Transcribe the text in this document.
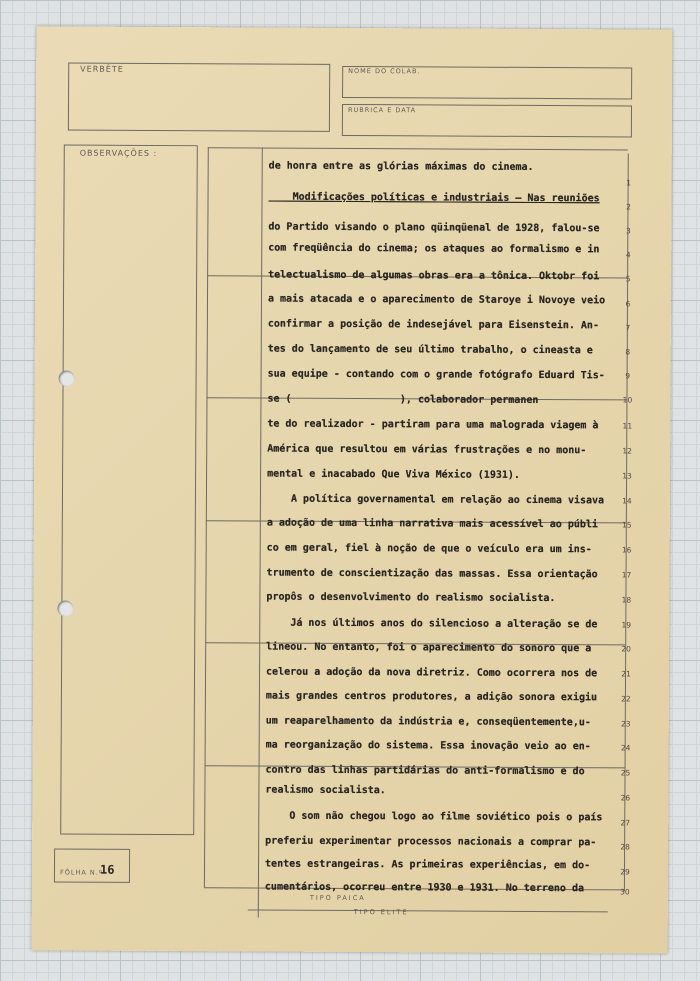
VERBÊTE	NOME DO COLAB.
RUBRICA E DATA
OBSERVAÇÕES :
FÔLHA N.º
16
TIPO PAICA
TIPO ELITE
de honra entre as glórias máximas do cinema.
Modificações políticas e industriais — Nas reuniões
do Partido visando o plano qüinqüenal de 1928, falou-se
com freqüência do cinema; os ataques ao formalismo e in
telectualismo de algumas obras era a tônica. Oktobr foi
a mais atacada e o aparecimento de Staroye i Novoye veio
confirmar a posição de indesejável para Eisenstein. An-
tes do lançamento de seu último trabalho, o cineasta e
sua equipe - contando com o grande fotógrafo Eduard Tis-
se (                  ), colaborador permanen
te do realizador - partiram para uma malograda viagem à
América que resultou em várias frustrações e no monu-
mental e inacabado Que Viva México (1931).
A política governamental em relação ao cinema visava
a adoção de uma linha narrativa mais acessível ao públi
co em geral, fiel à noção de que o veículo era um ins-
trumento de conscientização das massas. Essa orientação
propôs o desenvolvimento do realismo socialista.
Já nos últimos anos do silencioso a alteração se de
lineou. No entanto, foi o aparecimento do sonoro que a
celerou a adoção da nova diretriz. Como ocorrera nos de
mais grandes centros produtores, a adição sonora exigiu
um reaparelhamento da indústria e, conseqüentemente,u-
ma reorganização do sistema. Essa inovação veio ao en-
contro das linhas partidárias do anti-formalismo e do
realismo socialista.
O som não chegou logo ao filme soviético pois o país
preferiu experimentar processos nacionais a comprar pa-
tentes estrangeiras. As primeiras experiências, em do-
cumentários, ocorreu entre 1930 e 1931. No terreno da
1
2
3
4
5
6
7
8
9
10
11
12
13
14
15
16
17
18
19
20
21
22
23
24
25
26
27
28
29
30
